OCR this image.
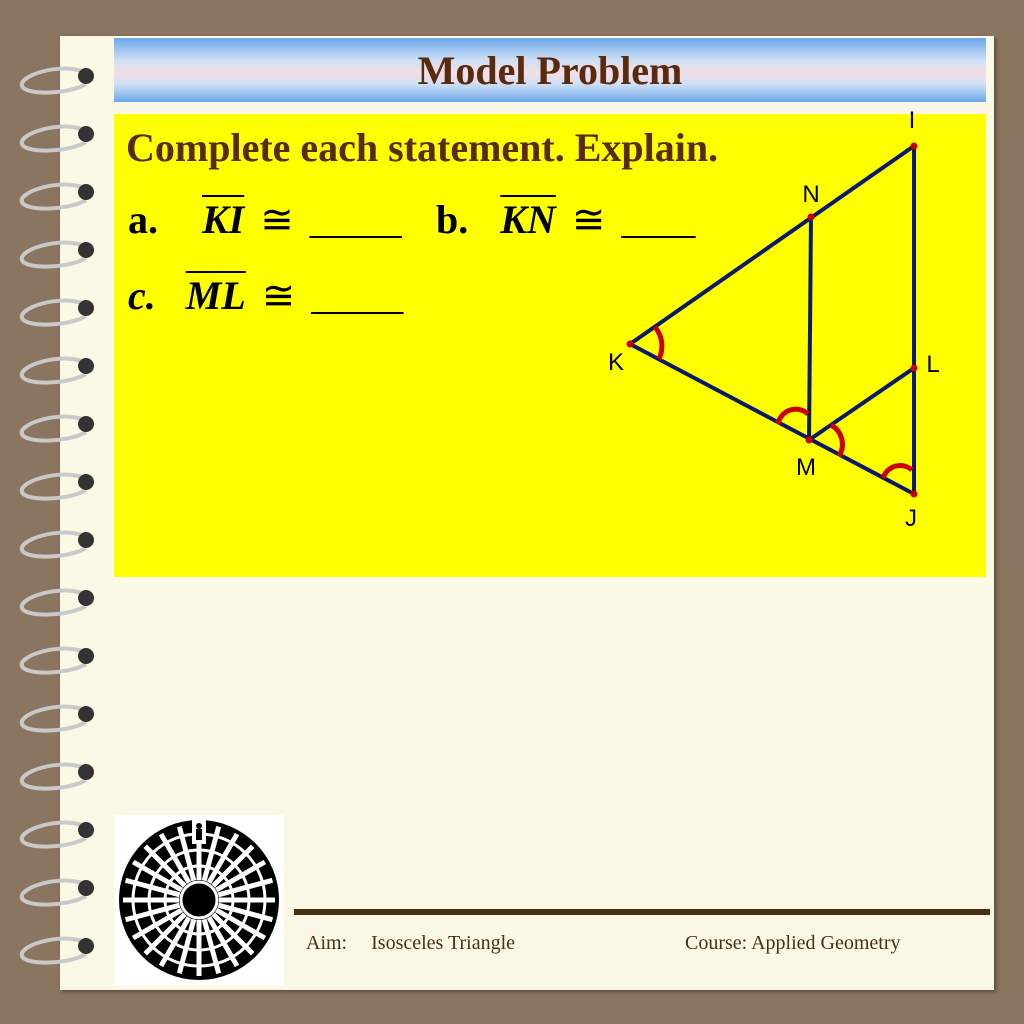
Model Problem
Complete each statement. Explain.
a. $\overline{KI}$ ≅ _____ b. $\overline{KN}$ ≅ ____
c. $\overline{ML}$ ≅ _____
I
N
K	L
M
J
Aim: Isosceles Triangle	Course: Applied Geometry
